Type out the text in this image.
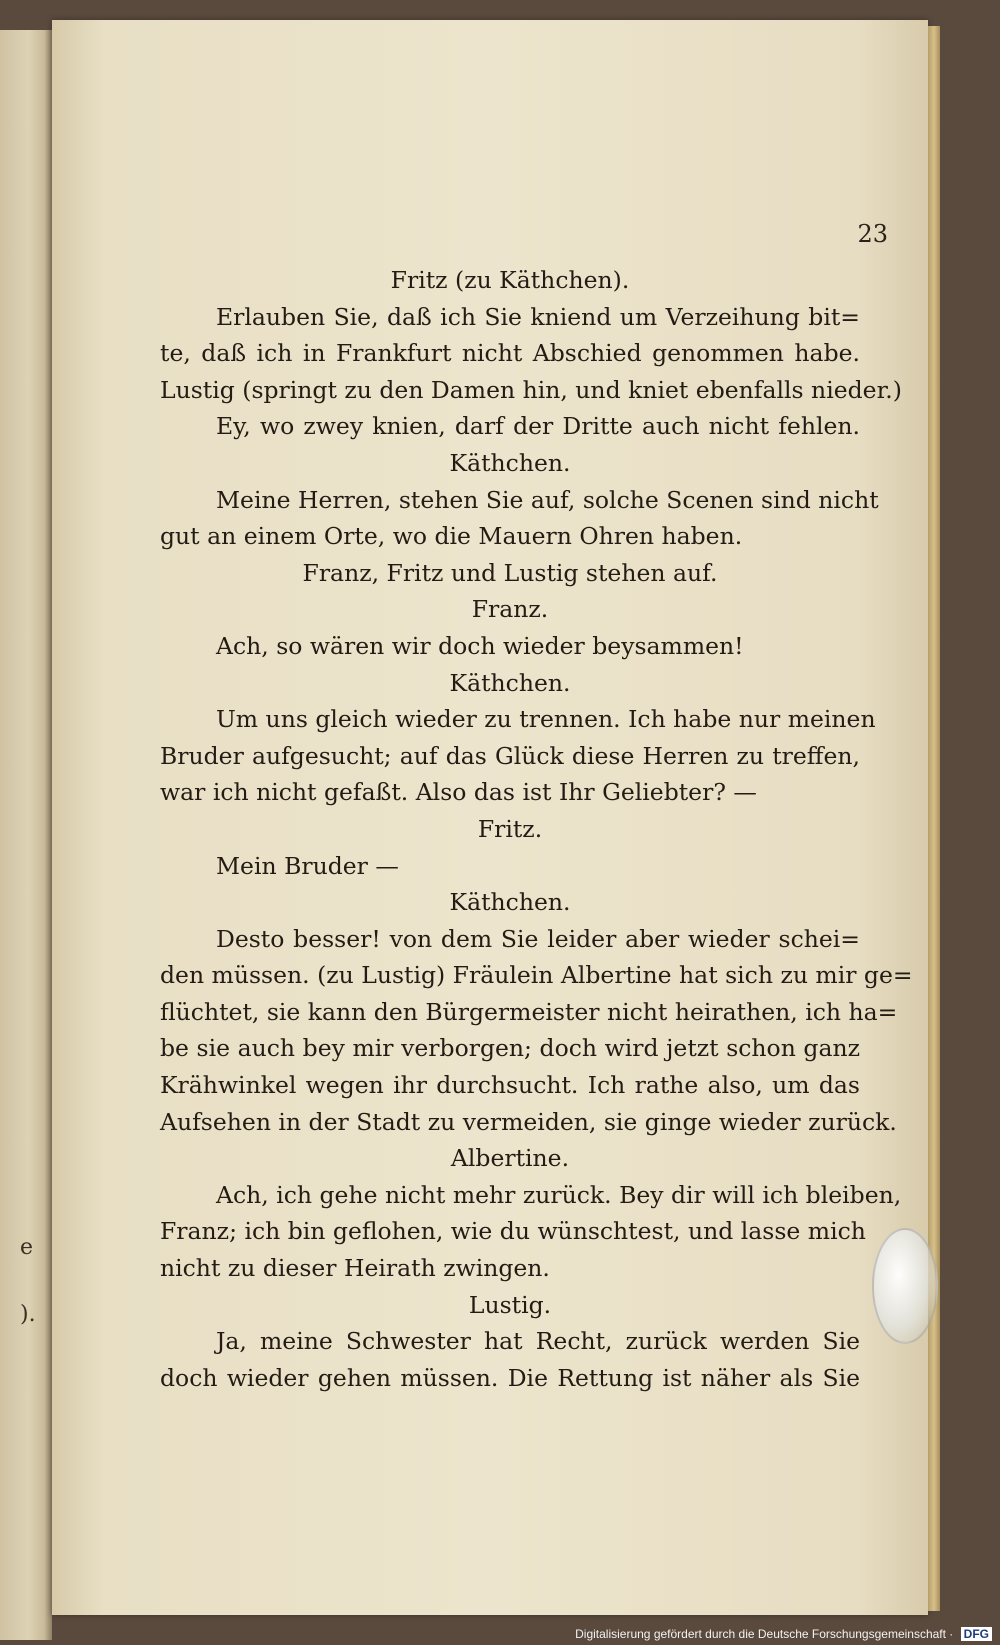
e
).
23
Fritz (zu Käthchen).
Erlauben Sie, daß ich Sie kniend um Verzeihung bit=
te, daß ich in Frankfurt nicht Abschied genommen habe.
Lustig (springt zu den Damen hin, und kniet ebenfalls nieder.)
Ey, wo zwey knien, darf der Dritte auch nicht fehlen.
Käthchen.
Meine Herren, stehen Sie auf, solche Scenen sind nicht
gut an einem Orte, wo die Mauern Ohren haben.
Franz, Fritz und Lustig stehen auf.
Franz.
Ach, so wären wir doch wieder beysammen!
Käthchen.
Um uns gleich wieder zu trennen. Ich habe nur meinen
Bruder aufgesucht; auf das Glück diese Herren zu treffen,
war ich nicht gefaßt. Also das ist Ihr Geliebter? —
Fritz.
Mein Bruder —
Käthchen.
Desto besser! von dem Sie leider aber wieder schei=
den müssen. (zu Lustig) Fräulein Albertine hat sich zu mir ge=
flüchtet, sie kann den Bürgermeister nicht heirathen, ich ha=
be sie auch bey mir verborgen; doch wird jetzt schon ganz
Krähwinkel wegen ihr durchsucht. Ich rathe also, um das
Aufsehen in der Stadt zu vermeiden, sie ginge wieder zurück.
Albertine.
Ach, ich gehe nicht mehr zurück. Bey dir will ich bleiben,
Franz; ich bin geflohen, wie du wünschtest, und lasse mich
nicht zu dieser Heirath zwingen.
Lustig.
Ja, meine Schwester hat Recht, zurück werden Sie
doch wieder gehen müssen. Die Rettung ist näher als Sie
Digitalisierung gefördert durch die Deutsche Forschungsgemeinschaft · DFG
